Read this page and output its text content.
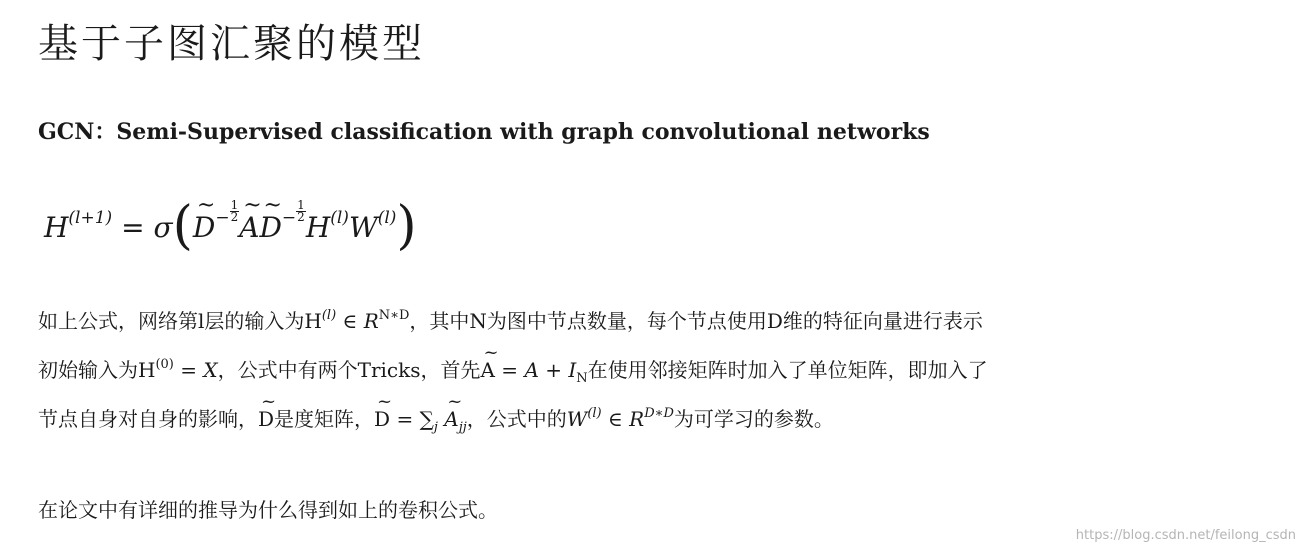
基于子图汇聚的模型
GCN：Semi-Supervised classification with graph convolutional networks
$H^{(l+1)}$ = σ(~ $D^- \frac{1}{2}$ ~ A~ $D^- \frac{1}{2} H^{(l)}W^{(l)}$)

如上公式，网络第l层的输入为$H^{(l)}$ ∈ $R^{N∗D}$，其中N为图中节点数量，每个节点使用D维的特征向量进行表示

初始输入为$H^{(0)} = X$，公式中有两个Tricks，首先~ $A = A + I_N$在使用邻接矩阵时加入了单位矩阵，即加入了

节点自身对自身的影响，~ D是度矩阵，~ $D = \sum_j$ ~ $A_{jj}$，公式中的$W^{(l)}$ ∈ $R^{D∗D}$为可学习的参数。

在论文中有详细的推导为什么得到如上的卷积公式。

https://blog.csdn.net/feilong_csdn
